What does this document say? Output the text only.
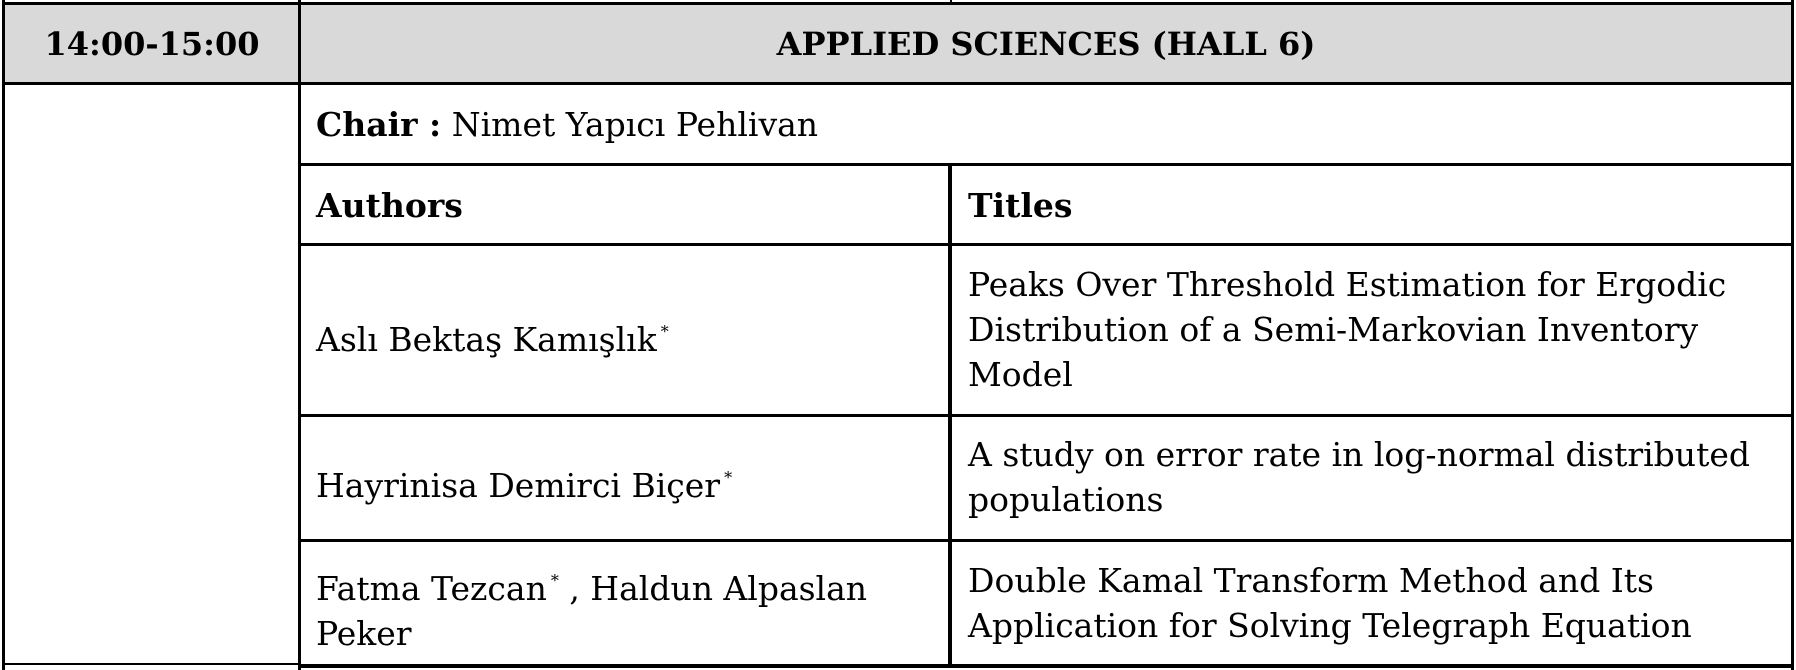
14:00-15:00	APPLIED SCIENCES (HALL 6)
Chair : Nimet Yapıcı Pehlivan
Authors	Titles
Aslı Bektaş Kamışlık *
Peaks Over Threshold Estimation for Ergodic
Distribution of a Semi-Markovian Inventory
Model
Hayrinisa Demirci Biçer *
A study on error rate in log-normal distributed
populations
Fatma Tezcan * , Haldun Alpaslan
Peker
Double Kamal Transform Method and Its
Application for Solving Telegraph Equation
